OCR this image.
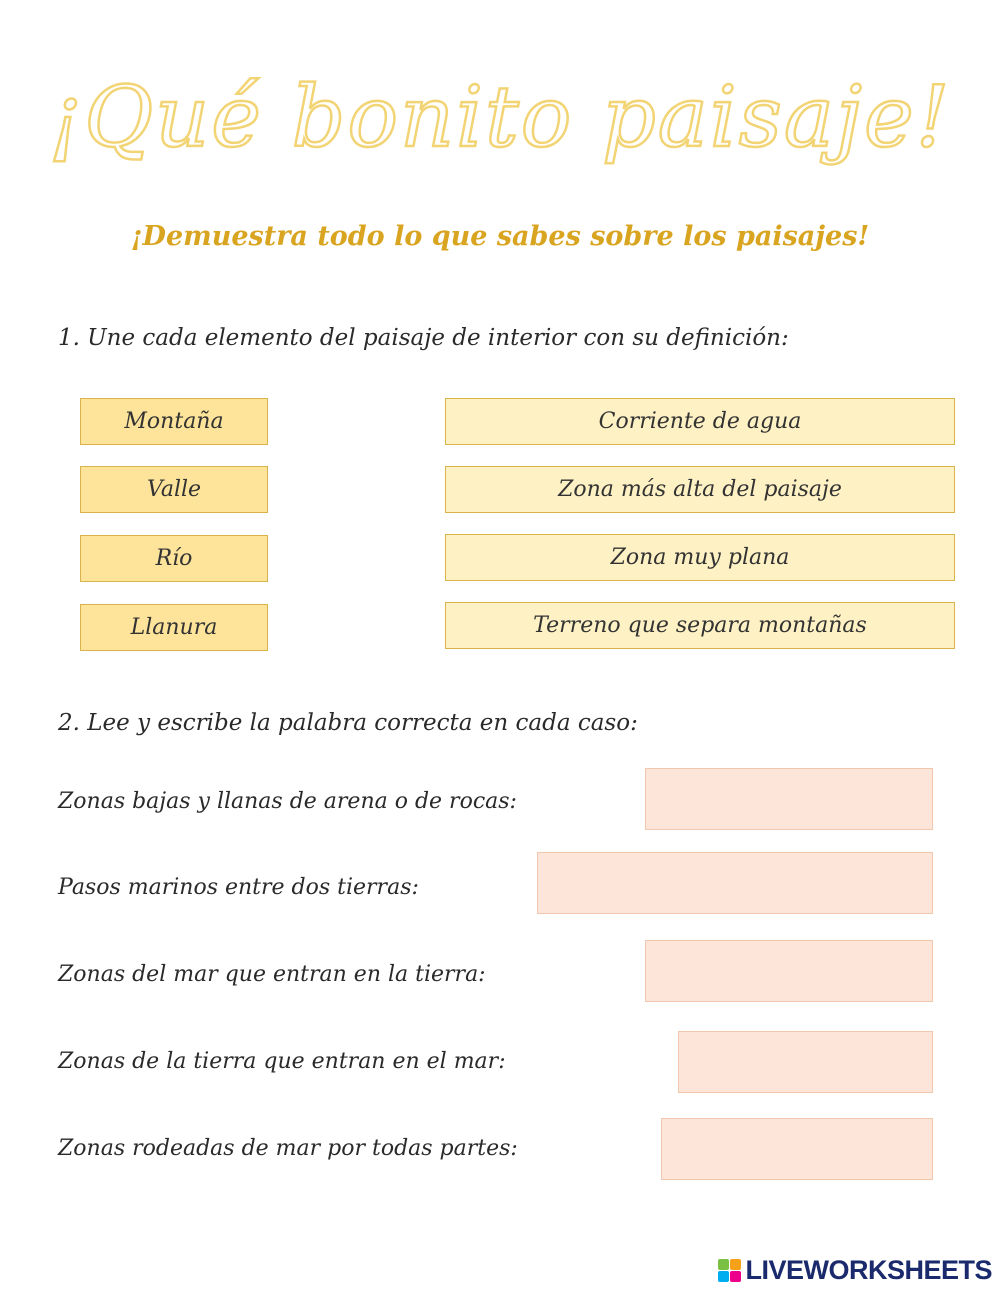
¡Qué bonito paisaje!
¡Demuestra todo lo que sabes sobre los paisajes!
1. Une cada elemento del paisaje de interior con su definición:
Montaña
Valle
Río
Llanura
Corriente de agua
Zona más alta del paisaje
Zona muy plana
Terreno que separa montañas
2. Lee y escribe la palabra correcta en cada caso:
Zonas bajas y llanas de arena o de rocas:
Pasos marinos entre dos tierras:
Zonas del mar que entran en la tierra:
Zonas de la tierra que entran en el mar:
Zonas rodeadas de mar por todas partes:
LIVEWORKSHEETS
